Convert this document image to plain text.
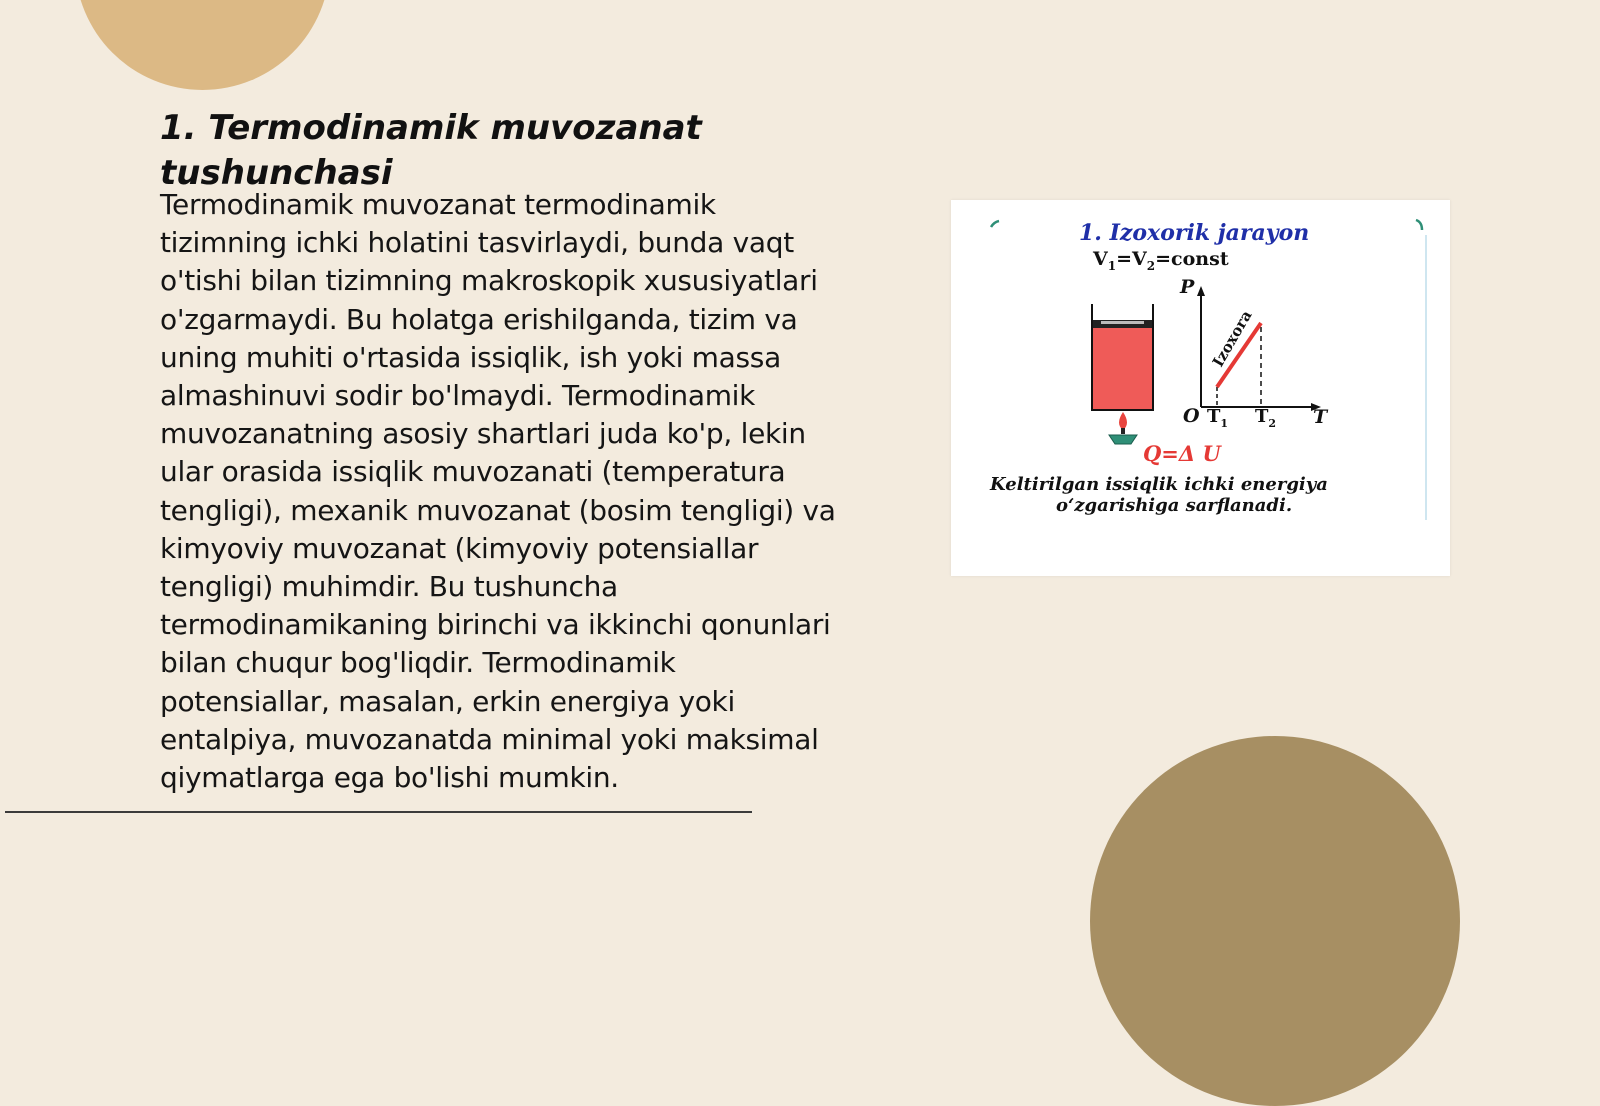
1. Termodinamik muvozanat tushunchasi

Termodinamik muvozanat termodinamik tizimning ichki holatini tasvirlaydi, bunda vaqt o'tishi bilan tizimning makroskopik xususiyatlari o'zgarmaydi. Bu holatga erishilganda, tizim va uning muhiti o'rtasida issiqlik, ish yoki massa almashinuvi sodir bo'lmaydi. Termodinamik muvozanatning asosiy shartlari juda ko'p, lekin ular orasida issiqlik muvozanati (temperatura tengligi), mexanik muvozanat (bosim tengligi) va kimyoviy muvozanat (kimyoviy potensiallar tengligi) muhimdir. Bu tushuncha termodinamikaning birinchi va ikkinchi qonunlari bilan chuqur bog'liqdir. Termodinamik potensiallar, masalan, erkin energiya yoki entalpiya, muvozanatda minimal yoki maksimal qiymatlarga ega bo'lishi mumkin.

1. Izoxorik jarayon
$V_1=V_2=const$
Izoxora
P
T
O $T_1$ $T_2$
Q=Δ U
Keltirilgan issiqlik ichki energiya
o‘zgarishiga sarflanadi.
